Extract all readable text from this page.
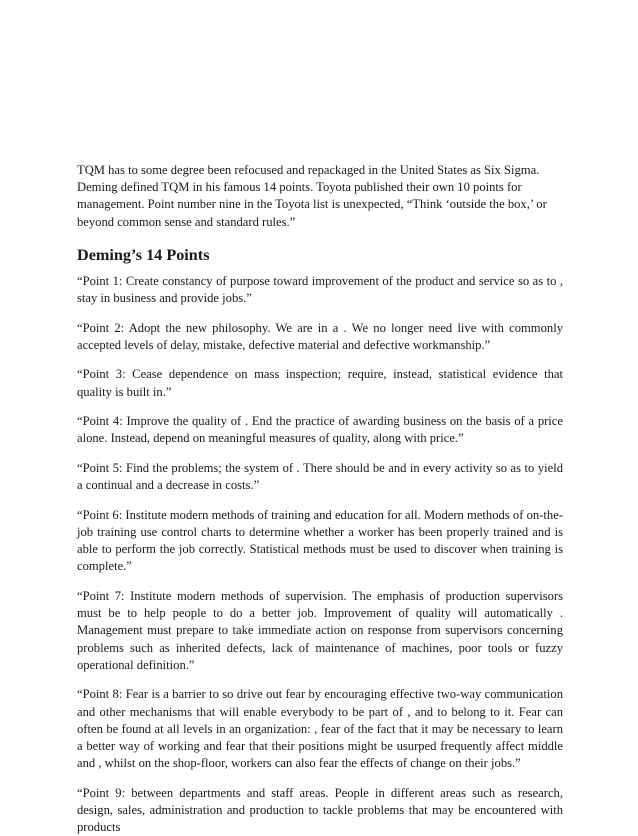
TQM has to some degree been refocused and repackaged in the United States as Six Sigma. Deming defined TQM in his famous 14 points. Toyota published their own 10 points for management. Point number nine in the Toyota list is unexpected, “Think ‘outside the box,’ or beyond common sense and standard rules.”

Deming’s 14 Points

“Point 1: Create constancy of purpose toward improvement of the product and service so as to , stay in business and provide jobs.”

“Point 2: Adopt the new philosophy. We are in a . We no longer need live with commonly accepted levels of delay, mistake, defective material and defective workmanship.”

“Point 3: Cease dependence on mass inspection; require, instead, statistical evidence that quality is built in.”

“Point 4: Improve the quality of . End the practice of awarding business on the basis of a price alone. Instead, depend on meaningful measures of quality, along with price.”

“Point 5: Find the problems; the system of . There should be and in every activity so as to yield a continual and a decrease in costs.”

“Point 6: Institute modern methods of training and education for all. Modern methods of on-the-job training use control charts to determine whether a worker has been properly trained and is able to perform the job correctly. Statistical methods must be used to discover when training is complete.”

“Point 7: Institute modern methods of supervision. The emphasis of production supervisors must be to help people to do a better job. Improvement of quality will automatically . Management must prepare to take immediate action on response from supervisors concerning problems such as inherited defects, lack of maintenance of machines, poor tools or fuzzy operational definition.”

“Point 8: Fear is a barrier to so drive out fear by encouraging effective two-way communication and other mechanisms that will enable everybody to be part of , and to belong to it. Fear can often be found at all levels in an organization: , fear of the fact that it may be necessary to learn a better way of working and fear that their positions might be usurped frequently affect middle and , whilst on the shop-floor, workers can also fear the effects of change on their jobs.”

“Point 9: between departments and staff areas. People in different areas such as research, design, sales, administration and production to tackle problems that may be encountered with products
